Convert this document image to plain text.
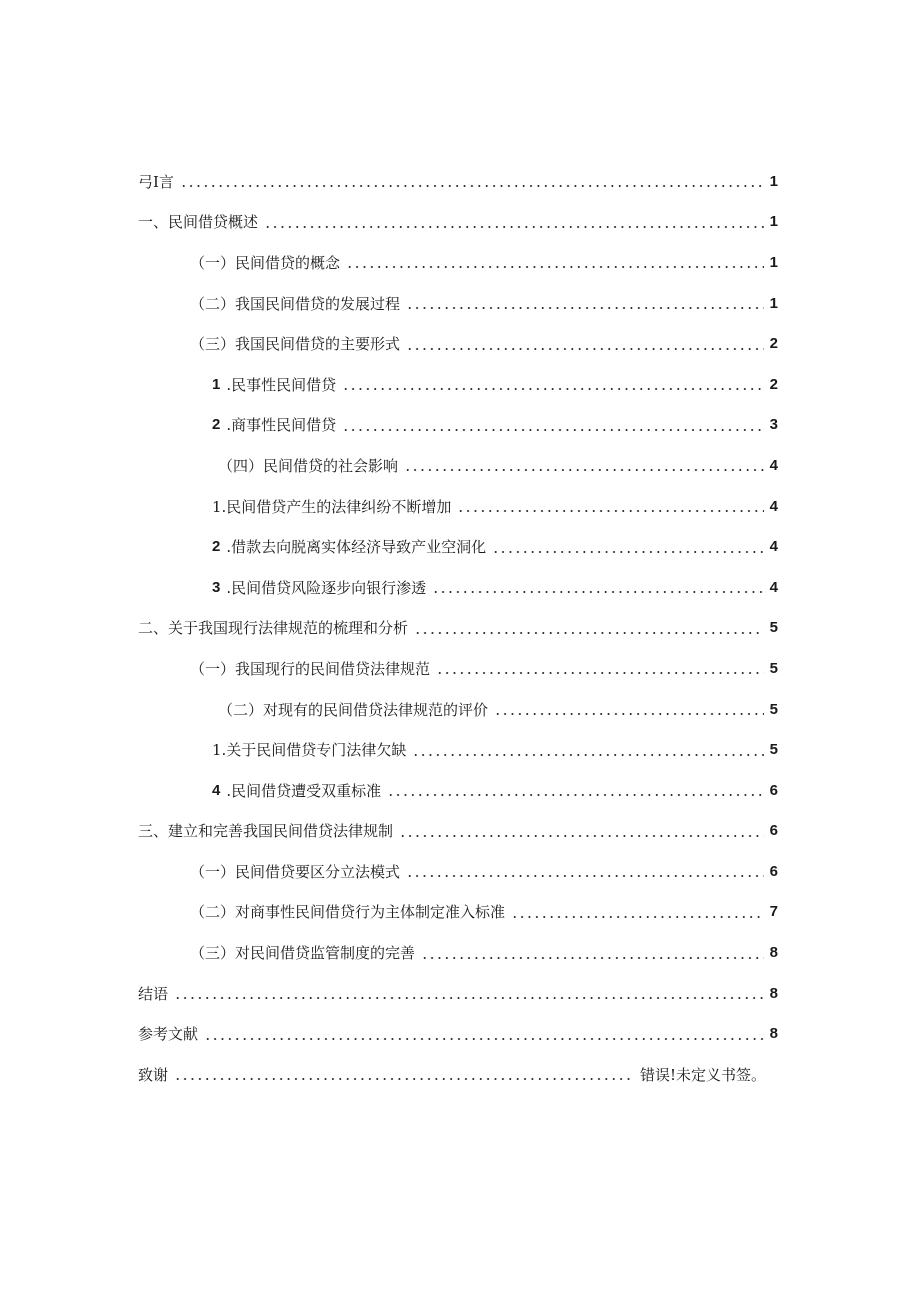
弓I言	1
一、民间借贷概述	1
（一）民间借贷的概念	1
（二）我国民间借贷的发展过程	1
（三）我国民间借贷的主要形式	2
1 .民事性民间借贷	2
2 .商事性民间借贷	3
（四）民间借贷的社会影响	4
1.民间借贷产生的法律纠纷不断增加	4
2 .借款去向脱离实体经济导致产业空洞化	4
3 .民间借贷风险逐步向银行渗透	4
二、关于我国现行法律规范的梳理和分析	5
（一）我国现行的民间借贷法律规范	5
（二）对现有的民间借贷法律规范的评价	5
1.关于民间借贷专门法律欠缺	5
4 .民间借贷遭受双重标准	6
三、建立和完善我国民间借贷法律规制	6
（一）民间借贷要区分立法模式	6
（二）对商事性民间借贷行为主体制定准入标准	7
（三）对民间借贷监管制度的完善	8
结语	8
参考文献	8
致谢	错误!未定义书签。
